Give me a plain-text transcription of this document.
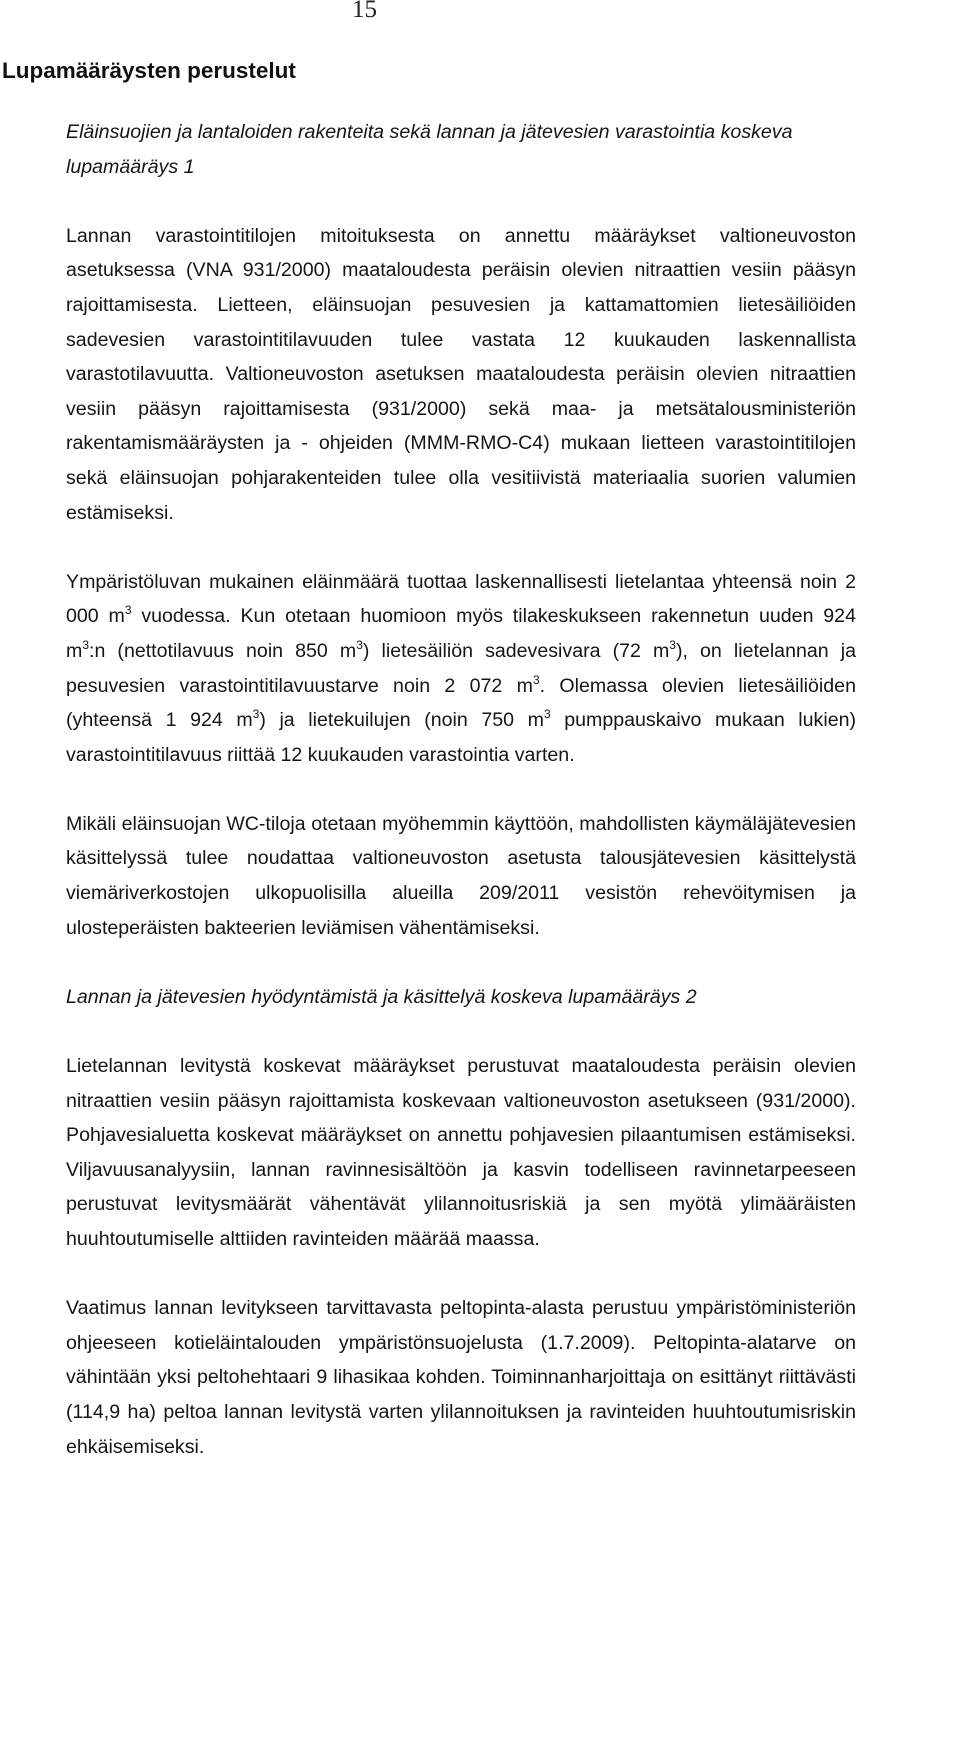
15
Lupamääräysten perustelut

Eläinsuojien ja lantaloiden rakenteita sekä lannan ja jätevesien varastointia koskeva lupamääräys 1

Lannan varastointitilojen mitoituksesta on annettu määräykset valtioneuvoston asetuksessa (VNA 931/2000) maataloudesta peräisin olevien nitraattien vesiin pääsyn rajoittamisesta. Lietteen, eläinsuojan pesuvesien ja kattamattomien lietesäiliöiden sadevesien varastointitilavuuden tulee vastata 12 kuukauden laskennallista varastotilavuutta. Valtioneuvoston asetuksen maataloudesta peräisin olevien nitraattien vesiin pääsyn rajoittamisesta (931/2000) sekä maa- ja metsätalousministeriön rakentamismääräysten ja - ohjeiden (MMM-RMO-C4) mukaan lietteen varastointitilojen sekä eläinsuojan pohjarakenteiden tulee olla vesitiivistä materiaalia suorien valumien estämiseksi.

Ympäristöluvan mukainen eläinmäärä tuottaa laskennallisesti lietelantaa yhteensä noin 2 000 $m^3$ vuodessa. Kun otetaan huomioon myös tilakeskukseen rakennetun uuden 924 $m^3:n$ (nettotilavuus noin 850 $m^3$) lietesäiliön sadevesivara (72 $m^3$), on lietelannan ja pesuvesien varastointitilavuustarve noin 2 072 $m^3$. Olemassa olevien lietesäiliöiden (yhteensä 1 924 $m^3$) ja lietekuilujen (noin 750 $m^3$ pumppauskaivo mukaan lukien) varastointitilavuus riittää 12 kuukauden varastointia varten.

Mikäli eläinsuojan WC-tiloja otetaan myöhemmin käyttöön, mahdollisten käymäläjätevesien käsittelyssä tulee noudattaa valtioneuvoston asetusta talousjätevesien käsittelystä viemäriverkostojen ulkopuolisilla alueilla 209/2011 vesistön rehevöitymisen ja ulosteperäisten bakteerien leviämisen vähentämiseksi.

Lannan ja jätevesien hyödyntämistä ja käsittelyä koskeva lupamääräys 2

Lietelannan levitystä koskevat määräykset perustuvat maataloudesta peräisin olevien nitraattien vesiin pääsyn rajoittamista koskevaan valtioneuvoston asetukseen (931/2000). Pohjavesialuetta koskevat määräykset on annettu pohjavesien pilaantumisen estämiseksi. Viljavuusanalyysiin, lannan ravinnesisältöön ja kasvin todelliseen ravinnetarpeeseen perustuvat levitysmäärät vähentävät ylilannoitusriskiä ja sen myötä ylimääräisten huuhtoutumiselle alttiiden ravinteiden määrää maassa.

Vaatimus lannan levitykseen tarvittavasta peltopinta-alasta perustuu ympäristöministeriön ohjeeseen kotieläintalouden ympäristönsuojelusta (1.7.2009). Peltopinta-alatarve on vähintään yksi peltohehtaari 9 lihasikaa kohden. Toiminnanharjoittaja on esittänyt riittävästi (114,9 ha) peltoa lannan levitystä varten ylilannoituksen ja ravinteiden huuhtoutumisriskin ehkäisemiseksi.
